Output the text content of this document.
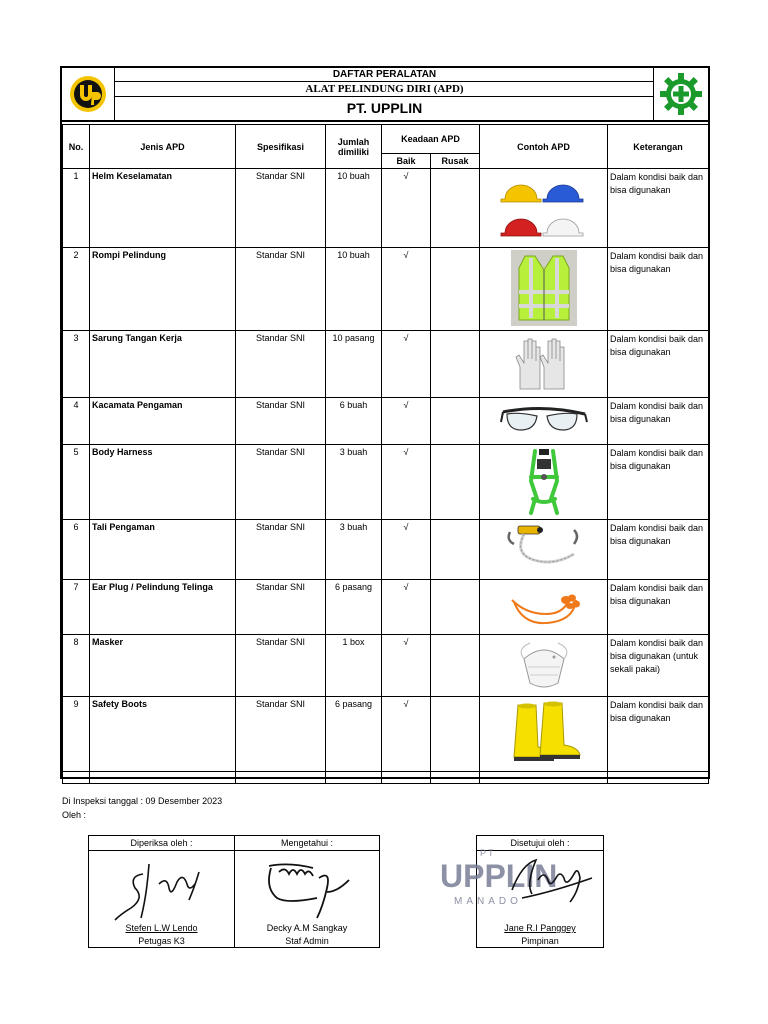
DAFTAR PERALATAN
ALAT PELINDUNG DIRI (APD)
PT. UPPLIN
No.	Jenis APD	Spesifikasi	Jumlah dimiliki	Keadaan APD		Contoh APD	Keterangan
				Baik	Rusak		
1	Helm Keselamatan	Standar SNI	10 buah	√			Dalam kondisi baik dan bisa digunakan
2	Rompi Pelindung	Standar SNI	10 buah	√			Dalam kondisi baik dan bisa digunakan
3	Sarung Tangan Kerja	Standar SNI	10 pasang	√			Dalam kondisi baik dan bisa digunakan
4	Kacamata Pengaman	Standar SNI	6 buah	√			Dalam kondisi baik dan bisa digunakan
5	Body Harness	Standar SNI	3 buah	√			Dalam kondisi baik dan bisa digunakan
6	Tali Pengaman	Standar SNI	3 buah	√			Dalam kondisi baik dan bisa digunakan
7	Ear Plug / Pelindung Telinga	Standar SNI	6 pasang	√			Dalam kondisi baik dan bisa digunakan
8	Masker	Standar SNI	1 box	√			Dalam kondisi baik dan bisa digunakan (untuk sekali pakai)
9	Safety Boots	Standar SNI	6 pasang	√			Dalam kondisi baik dan bisa digunakan

Di Inspeksi tanggal : 09 Desember 2023
Oleh :
Diperiksa oleh :
Stefen L.W Lendo
Petugas K3
Mengetahui :
Decky A.M Sangkay
Staf Admin
Disetujui oleh :
Jane R.I Panggey
Pimpinan
PT
UPPLIN
MANADO
